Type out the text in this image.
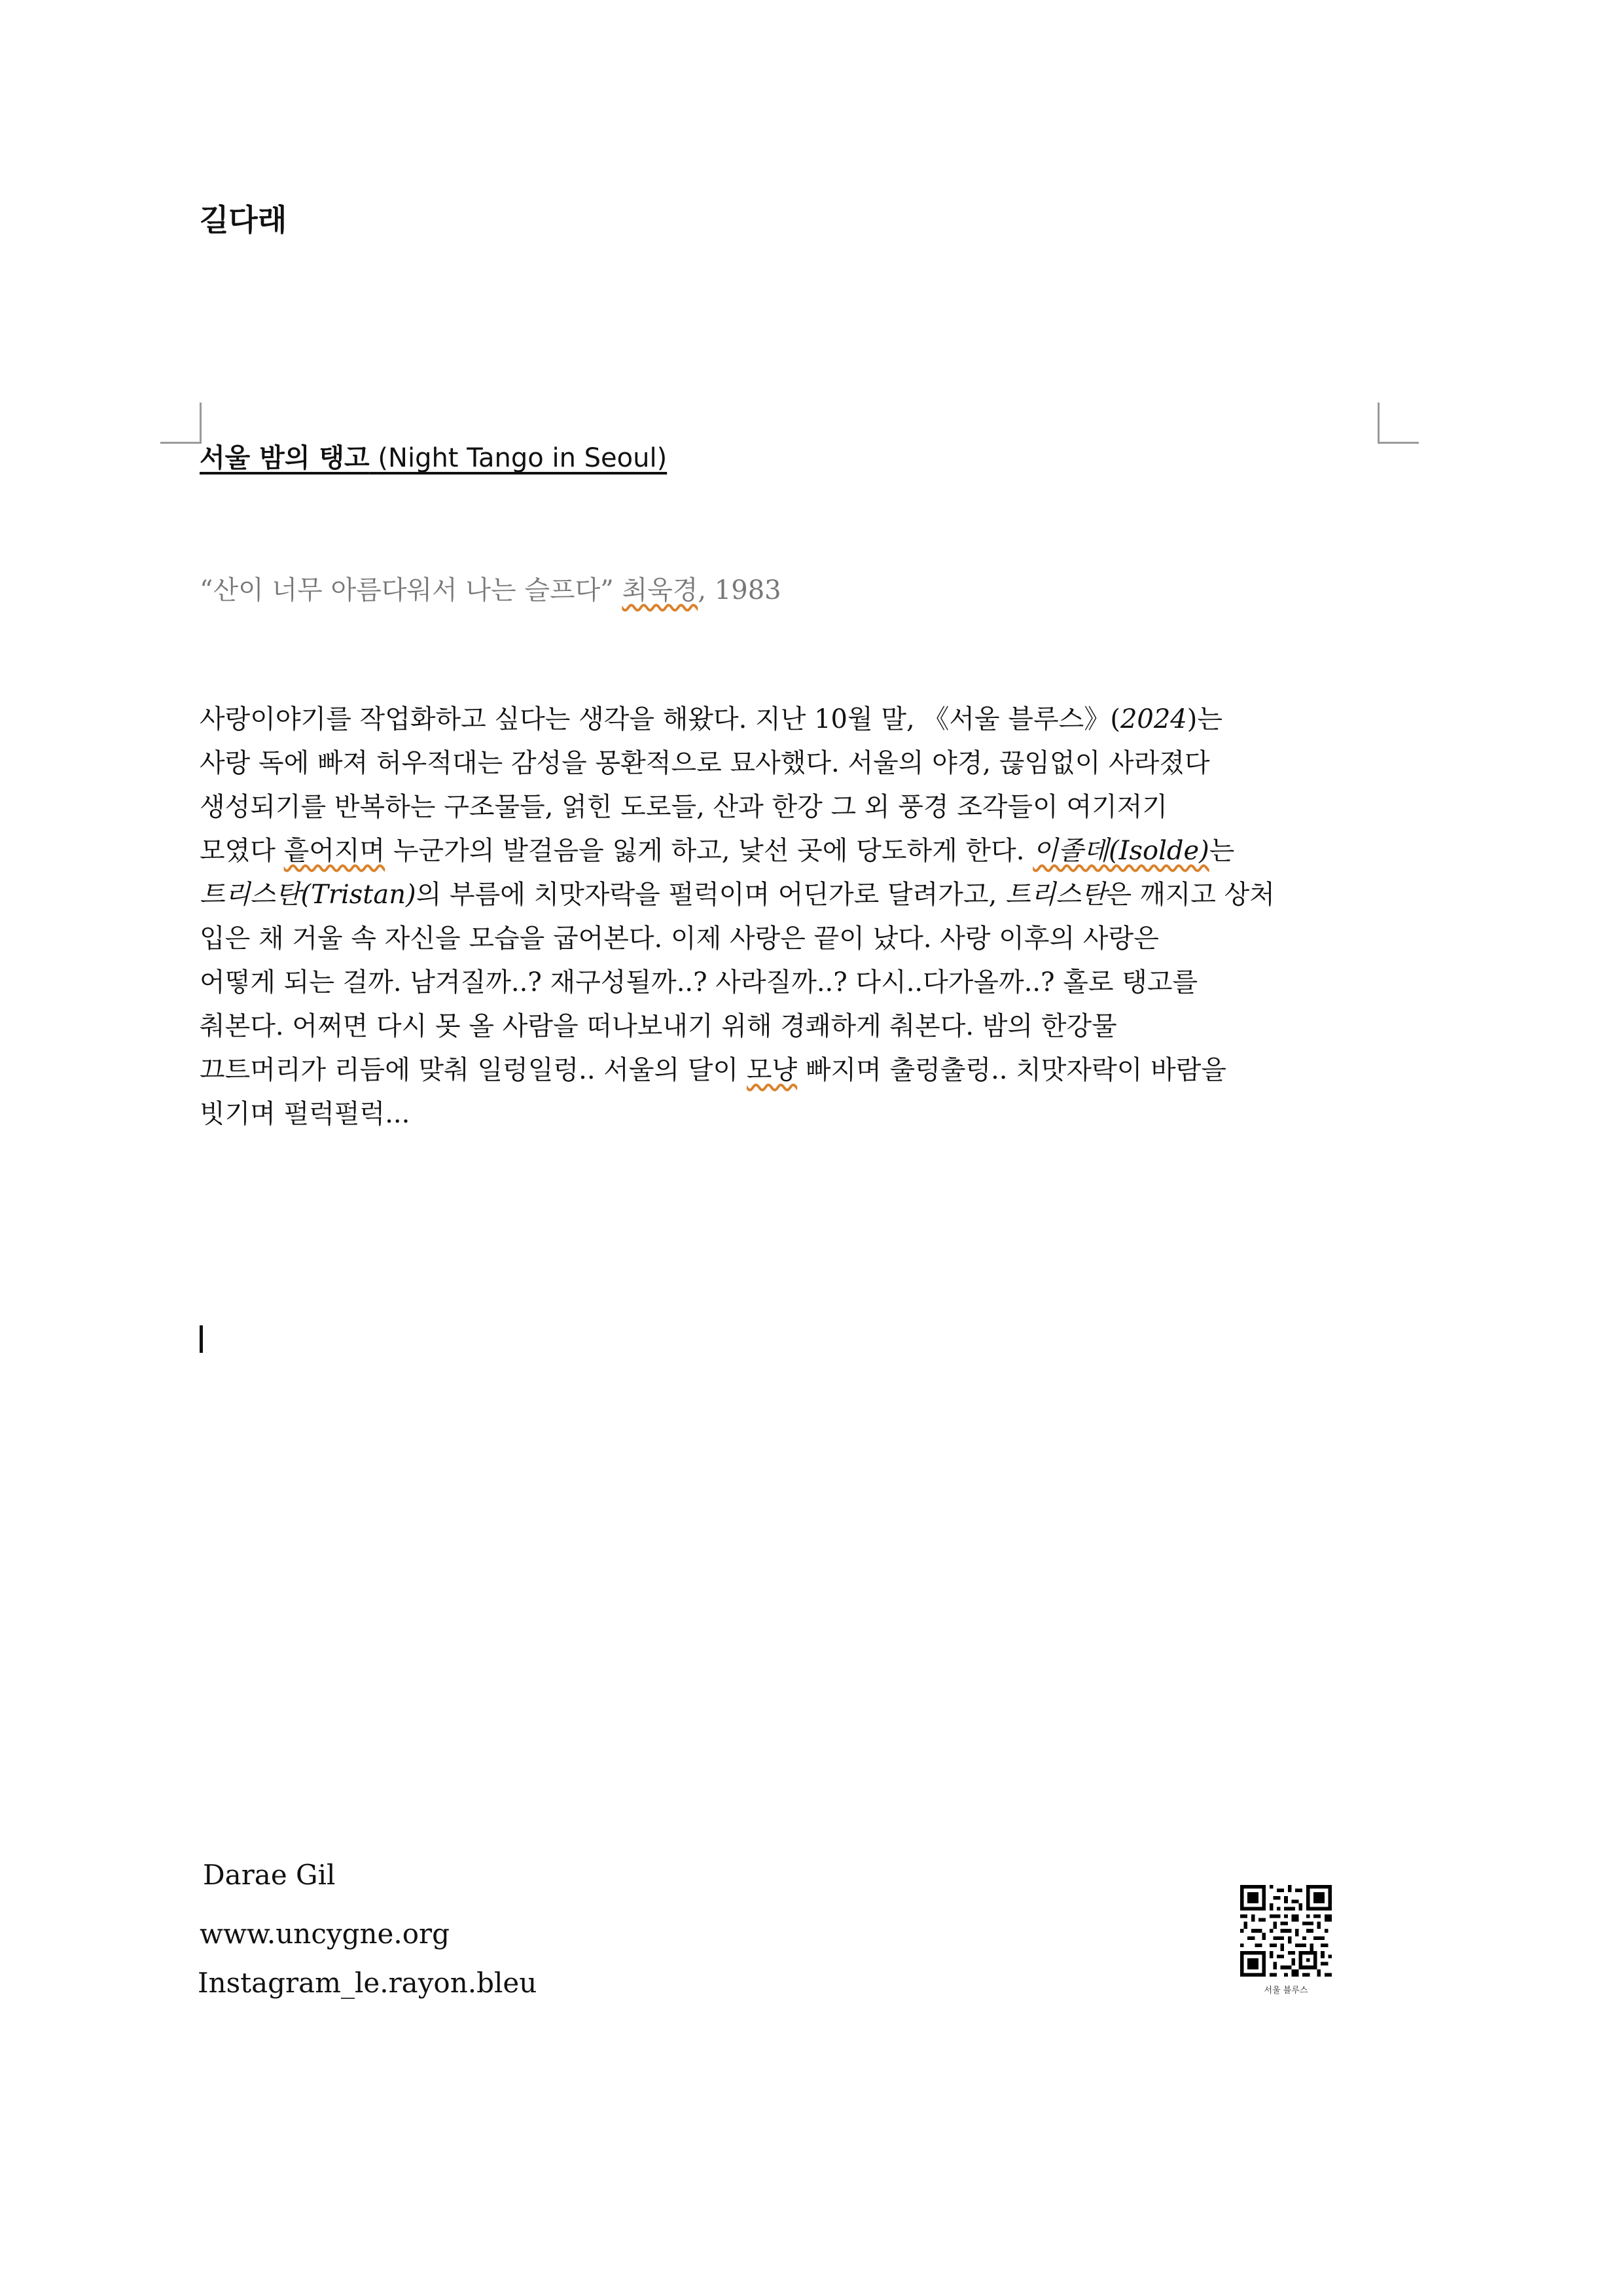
길다래
서울 밤의 탱고 (Night Tango in Seoul)
“산이 너무 아름다워서 나는 슬프다” 최욱경, 1983
사랑이야기를 작업화하고 싶다는 생각을 해왔다. 지난 10월 말, 《서울 블루스》(2024)는
사랑 독에 빠져 허우적대는 감성을 몽환적으로 묘사했다. 서울의 야경, 끊임없이 사라졌다
생성되기를 반복하는 구조물들, 얽힌 도로들, 산과 한강 그 외 풍경 조각들이 여기저기
모였다 흩어지며 누군가의 발걸음을 잃게 하고, 낯선 곳에 당도하게 한다. 이졸데(Isolde)는
트리스탄(Tristan)의 부름에 치맛자락을 펄럭이며 어딘가로 달려가고, 트리스탄은 깨지고 상처
입은 채 거울 속 자신을 모습을 굽어본다. 이제 사랑은 끝이 났다. 사랑 이후의 사랑은
어떻게 되는 걸까. 남겨질까..? 재구성될까..? 사라질까..? 다시..다가올까..? 홀로 탱고를
춰본다. 어쩌면 다시 못 올 사람을 떠나보내기 위해 경쾌하게 춰본다. 밤의 한강물
끄트머리가 리듬에 맞춰 일렁일렁.. 서울의 달이 모냥 빠지며 출렁출렁.. 치맛자락이 바람을
빗기며 펄럭펄럭...
Darae Gil
www.uncygne.org
Instagram_le.rayon.bleu	서울 블루스
